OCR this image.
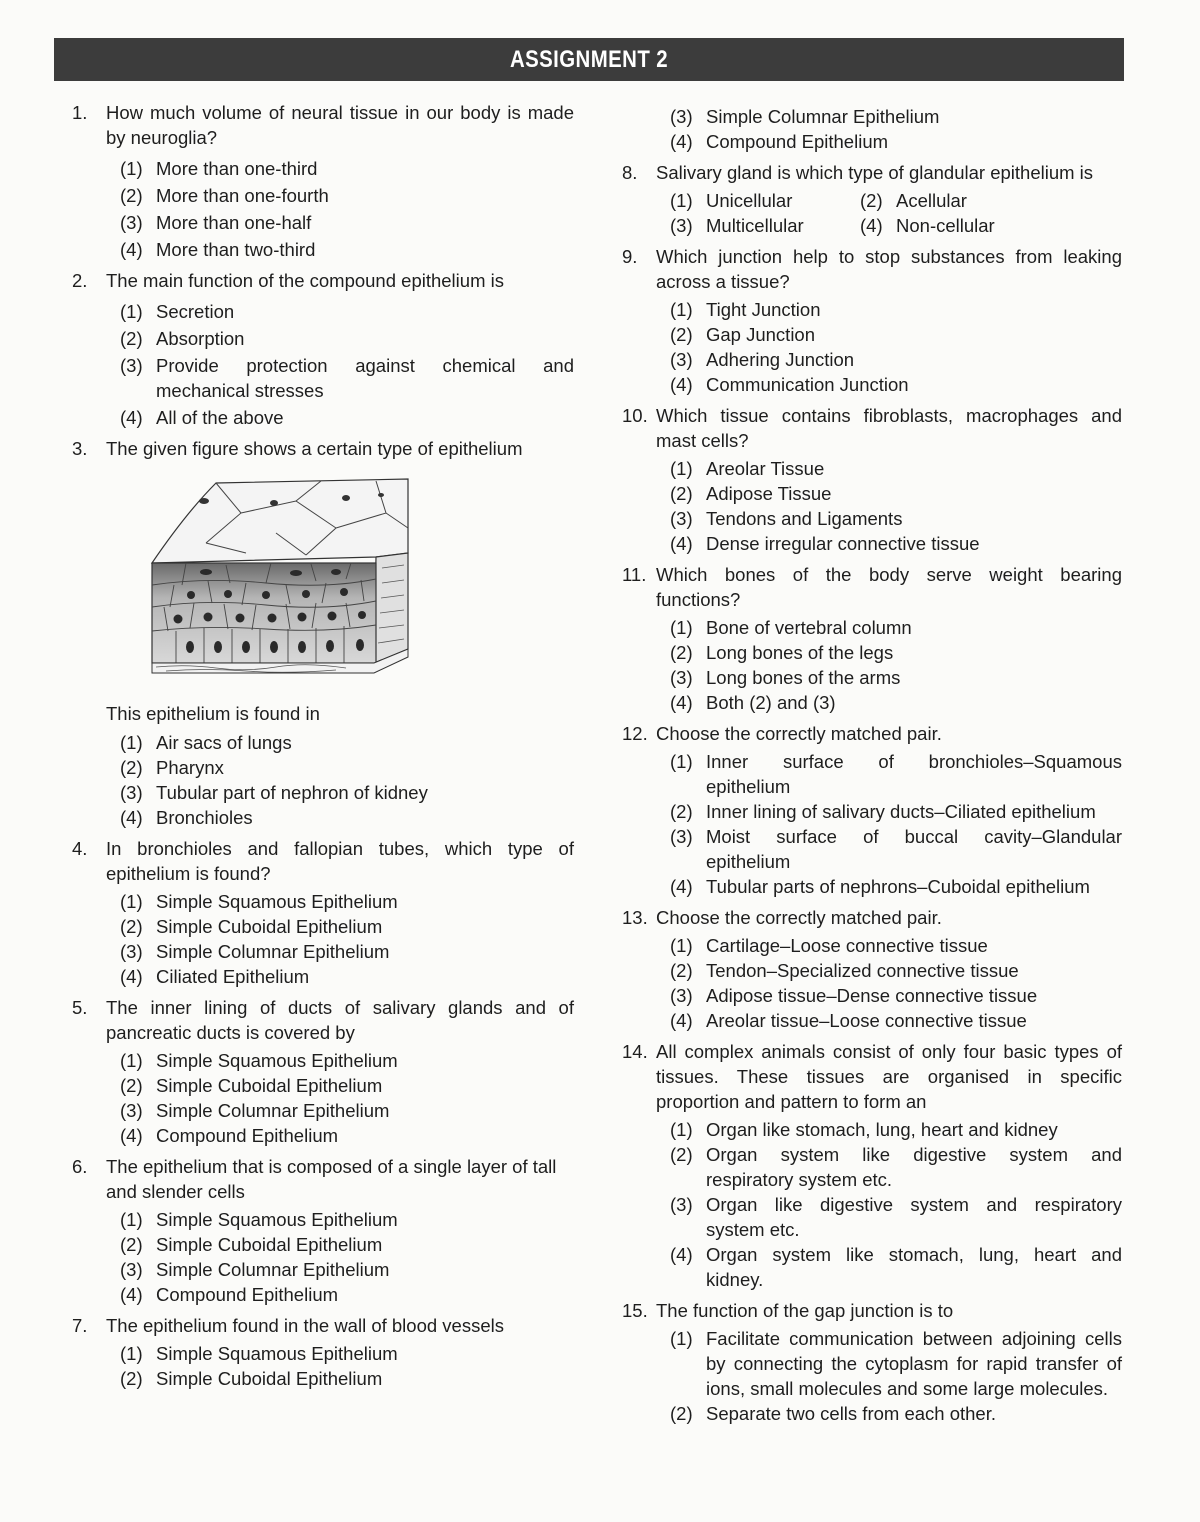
ASSIGNMENT 2
1.	How much volume of neural tissue in our body is made by neuroglia?
(1) More than one-third
(2) More than one-fourth
(3) More than one-half
(4) More than two-third
2.	The main function of the compound epithelium is
(1) Secretion
(2) Absorption
(3) Provide protection against chemical and mechanical stresses
(4) All of the above
3.	The given figure shows a certain type of epithelium
This epithelium is found in
(1) Air sacs of lungs
(2) Pharynx
(3) Tubular part of nephron of kidney
(4) Bronchioles
4.	In bronchioles and fallopian tubes, which type of epithelium is found?
(1) Simple Squamous Epithelium
(2) Simple Cuboidal Epithelium
(3) Simple Columnar Epithelium
(4) Ciliated Epithelium
5.	The inner lining of ducts of salivary glands and of pancreatic ducts is covered by
(1) Simple Squamous Epithelium
(2) Simple Cuboidal Epithelium
(3) Simple Columnar Epithelium
(4) Compound Epithelium
6.	The epithelium that is composed of a single layer of tall and slender cells
(1) Simple Squamous Epithelium
(2) Simple Cuboidal Epithelium
(3) Simple Columnar Epithelium
(4) Compound Epithelium
7.	The epithelium found in the wall of blood vessels
(1) Simple Squamous Epithelium
(2) Simple Cuboidal Epithelium
(3) Simple Columnar Epithelium
(4) Compound Epithelium
8.	Salivary gland is which type of glandular epithelium is
(1) Unicellular	(2) Acellular
(3) Multicellular	(4) Non-cellular
9.	Which junction help to stop substances from leaking across a tissue?
(1) Tight Junction
(2) Gap Junction
(3) Adhering Junction
(4) Communication Junction
10. Which tissue contains fibroblasts, macrophages and mast cells?
(1) Areolar Tissue
(2) Adipose Tissue
(3) Tendons and Ligaments
(4) Dense irregular connective tissue
11. Which bones of the body serve weight bearing functions?
(1) Bone of vertebral column
(2) Long bones of the legs
(3) Long bones of the arms
(4) Both (2) and (3)
12. Choose the correctly matched pair.
(1) Inner surface of bronchioles–Squamous epithelium
(2) Inner lining of salivary ducts–Ciliated epithelium
(3) Moist surface of buccal cavity–Glandular epithelium
(4) Tubular parts of nephrons–Cuboidal epithelium
13. Choose the correctly matched pair.
(1) Cartilage–Loose connective tissue
(2) Tendon–Specialized connective tissue
(3) Adipose tissue–Dense connective tissue
(4) Areolar tissue–Loose connective tissue
14. All complex animals consist of only four basic types of tissues. These tissues are organised in specific proportion and pattern to form an
(1) Organ like stomach, lung, heart and kidney
(2) Organ system like digestive system and respiratory system etc.
(3) Organ like digestive system and respiratory system etc.
(4) Organ system like stomach, lung, heart and kidney.
15. The function of the gap junction is to
(1) Facilitate communication between adjoining cells by connecting the cytoplasm for rapid transfer of ions, small molecules and some large molecules.
(2) Separate two cells from each other.
